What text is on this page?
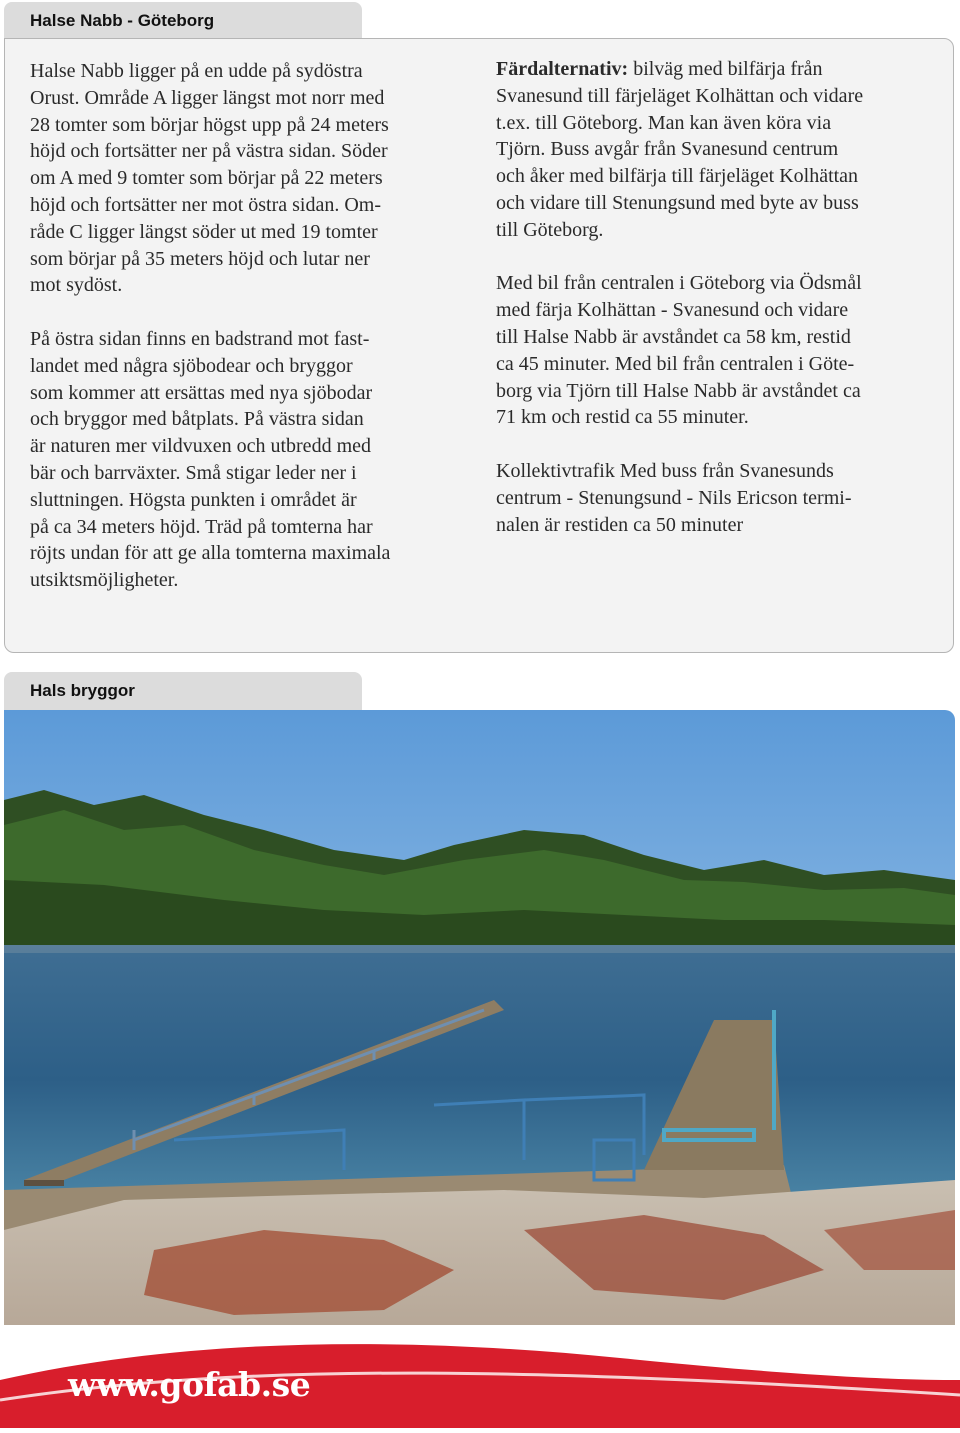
Halse Nabb - Göteborg

Halse Nabb ligger på en udde på sydöstra
Orust. Område A ligger längst mot norr med
28 tomter som börjar högst upp på 24 meters
höjd och fortsätter ner på västra sidan. Söder
om A med 9 tomter som börjar på 22 meters
höjd och fortsätter ner mot östra sidan. Om-
råde C ligger längst söder ut med 19 tomter
som börjar på 35 meters höjd och lutar ner
mot sydöst.

På östra sidan finns en badstrand mot fast-
landet med några sjöbodear och bryggor
som kommer att ersättas med nya sjöbodar
och bryggor med båtplats. På västra sidan
är naturen mer vildvuxen och utbredd med
bär och barrväxter. Små stigar leder ner i
sluttningen. Högsta punkten i området är
på ca 34 meters höjd. Träd på tomterna har
röjts undan för att ge alla tomterna maximala
utsiktsmöjligheter.

Färdalternativ: bilväg med bilfärja från
Svanesund till färjeläget Kolhättan och vidare
t.ex. till Göteborg. Man kan även köra via
Tjörn. Buss avgår från Svanesund centrum
och åker med bilfärja till färjeläget Kolhättan
och vidare till Stenungsund med byte av buss
till Göteborg.

Med bil från centralen i Göteborg via Ödsmål
med färja Kolhättan - Svanesund och vidare
till Halse Nabb är avståndet ca 58 km, restid
ca 45 minuter. Med bil från centralen i Göte-
borg via Tjörn till Halse Nabb är avståndet ca
71 km och restid ca 55 minuter.

Kollektivtrafik Med buss från Svanesunds
centrum - Stenungsund - Nils Ericson termi-
nalen är restiden ca 50 minuter

Hals bryggor
www.gofab.se
